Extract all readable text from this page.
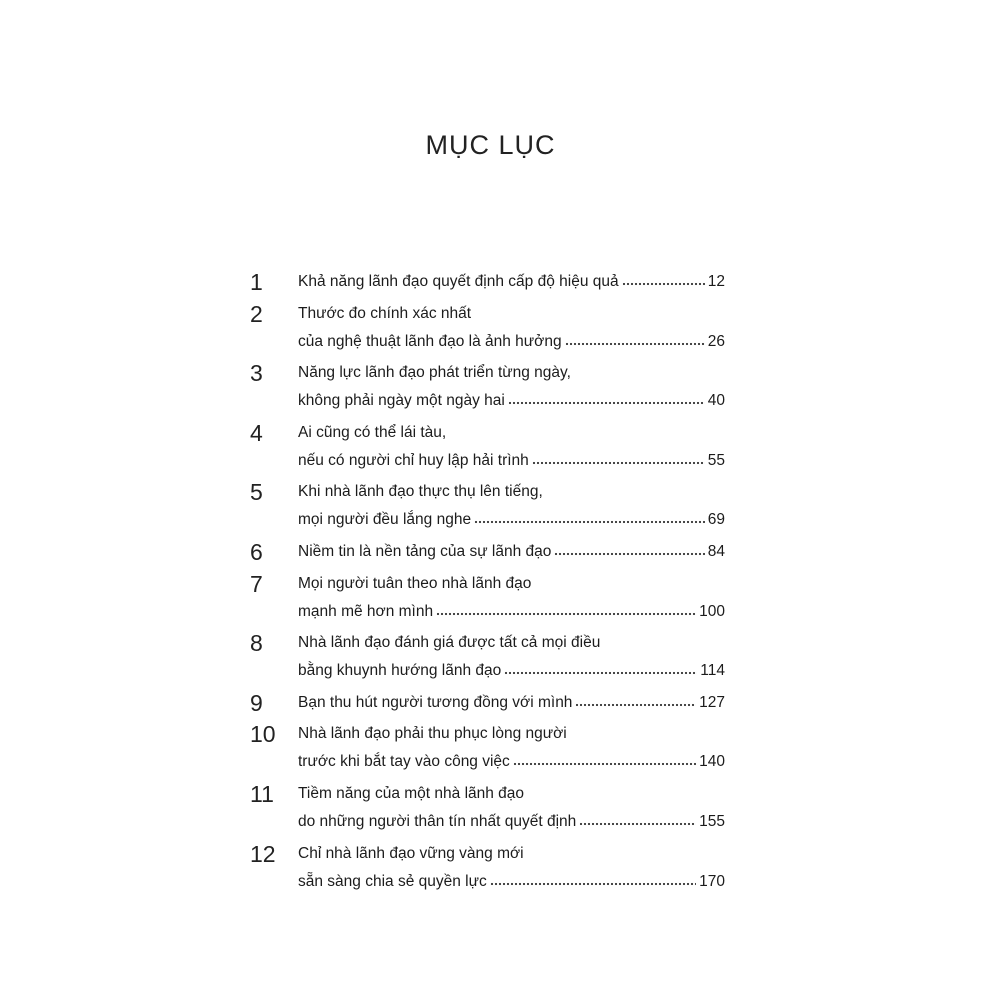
MỤC LỤC
1	Khả năng lãnh đạo quyết định cấp độ hiệu quả	12
2	Thước đo chính xác nhất
của nghệ thuật lãnh đạo là ảnh hưởng	26
3	Năng lực lãnh đạo phát triển từng ngày,
không phải ngày một ngày hai	40
4	Ai cũng có thể lái tàu,
nếu có người chỉ huy lập hải trình	55
5	Khi nhà lãnh đạo thực thụ lên tiếng,
mọi người đều lắng nghe	69
6	Niềm tin là nền tảng của sự lãnh đạo	84
7	Mọi người tuân theo nhà lãnh đạo
mạnh mẽ hơn mình	100
8	Nhà lãnh đạo đánh giá được tất cả mọi điều
bằng khuynh hướng lãnh đạo	114
9	Bạn thu hút người tương đồng với mình	127
10	Nhà lãnh đạo phải thu phục lòng người
trước khi bắt tay vào công việc	140
11	Tiềm năng của một nhà lãnh đạo
do những người thân tín nhất quyết định	155
12	Chỉ nhà lãnh đạo vững vàng mới
sẵn sàng chia sẻ quyền lực	170
